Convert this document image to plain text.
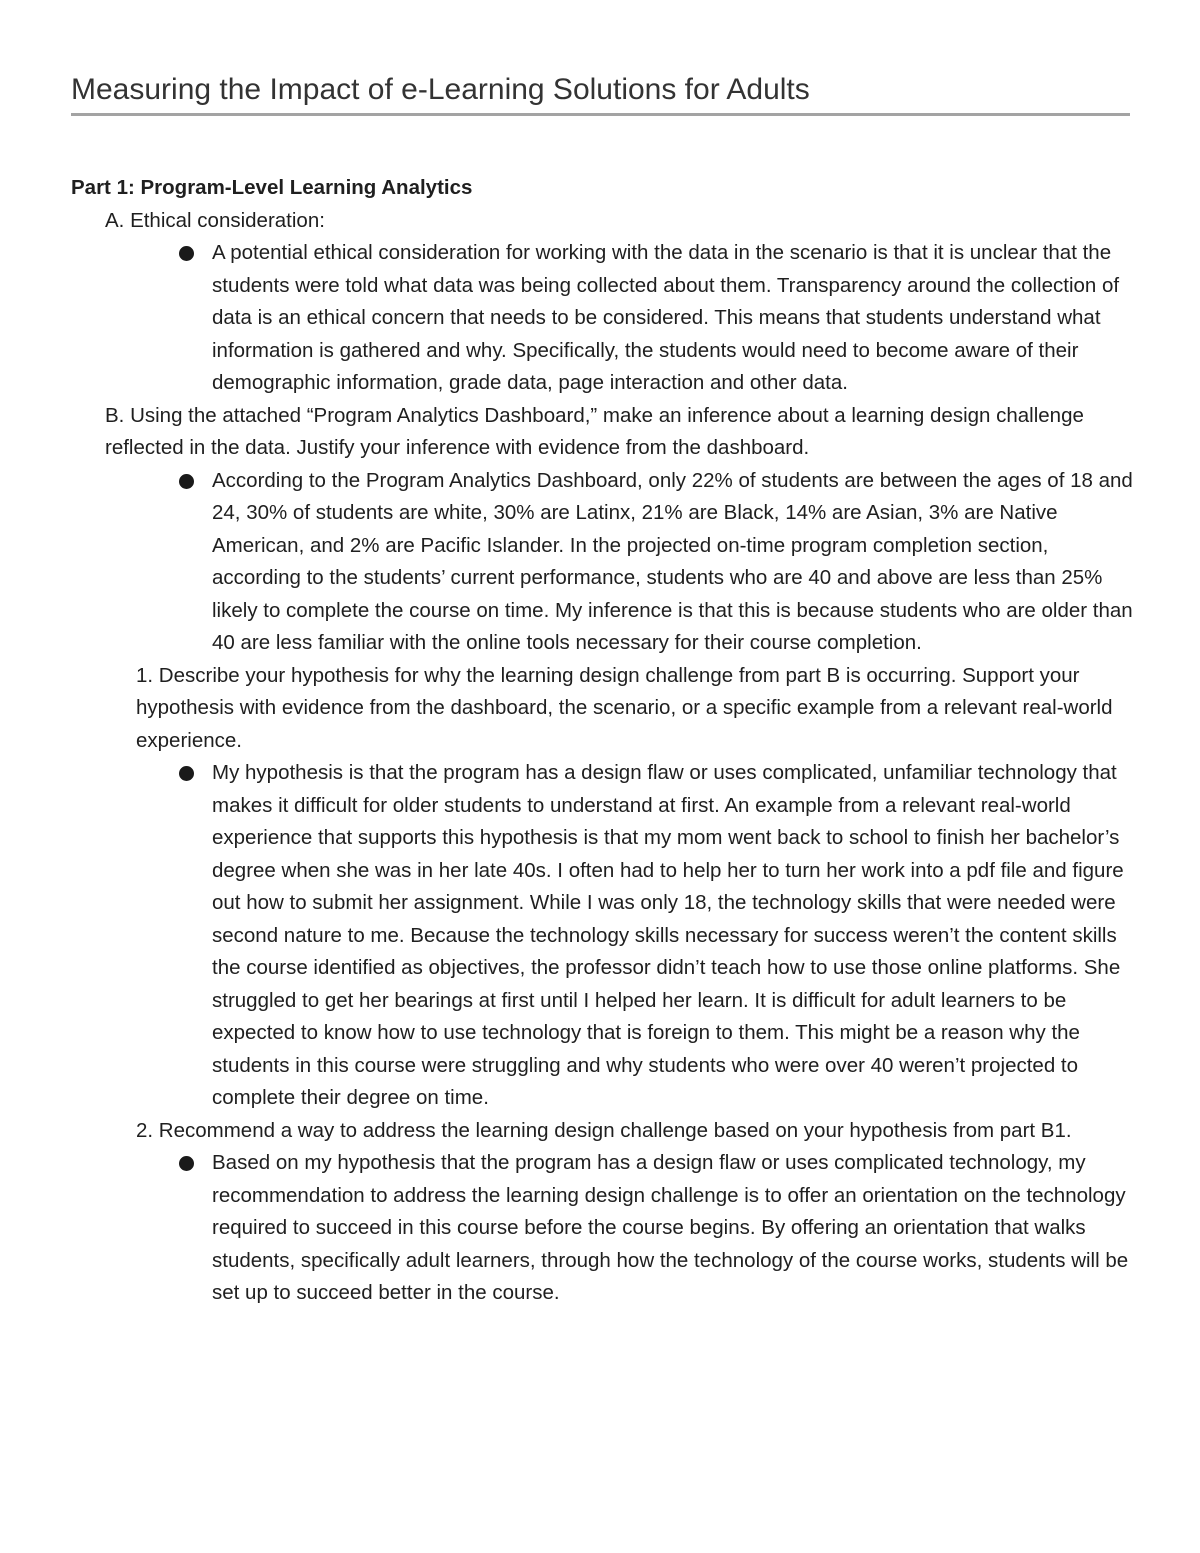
Measuring the Impact of e-Learning Solutions for Adults

Part 1: Program-Level Learning Analytics

A. Ethical consideration:

A potential ethical consideration for working with the data in the scenario is that it is unclear that the students were told what data was being collected about them. Transparency around the collection of data is an ethical concern that needs to be considered. This means that students understand what information is gathered and why. Specifically, the students would need to become aware of their demographic information, grade data, page interaction and other data.

B. Using the attached “Program Analytics Dashboard,” make an inference about a learning design challenge reflected in the data. Justify your inference with evidence from the dashboard.

According to the Program Analytics Dashboard, only 22% of students are between the ages of 18 and 24, 30% of students are white, 30% are Latinx, 21% are Black, 14% are Asian, 3% are Native American, and 2% are Pacific Islander. In the projected on-time program completion section, according to the students’ current performance, students who are 40 and above are less than 25% likely to complete the course on time. My inference is that this is because students who are older than 40 are less familiar with the online tools necessary for their course completion.

1. Describe your hypothesis for why the learning design challenge from part B is occurring. Support your hypothesis with evidence from the dashboard, the scenario, or a specific example from a relevant real-world experience.

My hypothesis is that the program has a design flaw or uses complicated, unfamiliar technology that makes it difficult for older students to understand at first. An example from a relevant real-world experience that supports this hypothesis is that my mom went back to school to finish her bachelor’s degree when she was in her late 40s. I often had to help her to turn her work into a pdf file and figure out how to submit her assignment. While I was only 18, the technology skills that were needed were second nature to me. Because the technology skills necessary for success weren’t the content skills the course identified as objectives, the professor didn’t teach how to use those online platforms. She struggled to get her bearings at first until I helped her learn. It is difficult for adult learners to be expected to know how to use technology that is foreign to them. This might be a reason why the students in this course were struggling and why students who were over 40 weren’t projected to complete their degree on time.

2. Recommend a way to address the learning design challenge based on your hypothesis from part B1.

Based on my hypothesis that the program has a design flaw or uses complicated technology, my recommendation to address the learning design challenge is to offer an orientation on the technology required to succeed in this course before the course begins. By offering an orientation that walks students, specifically adult learners, through how the technology of the course works, students will be set up to succeed better in the course.
